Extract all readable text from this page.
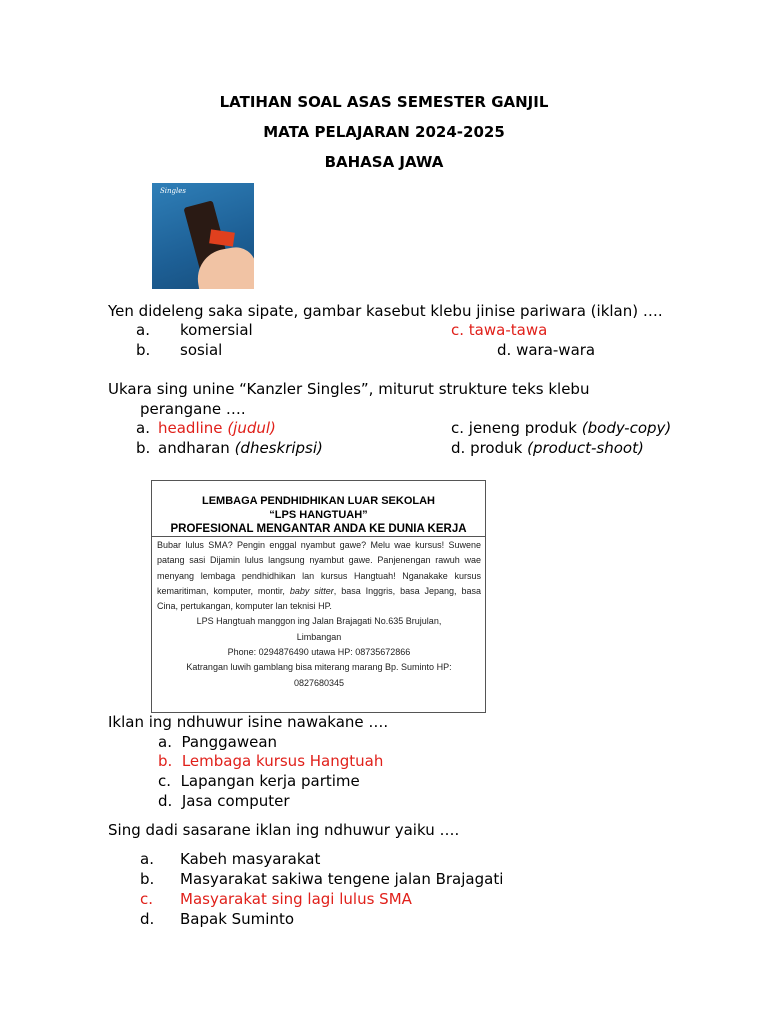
LATIHAN SOAL ASAS SEMESTER GANJIL
MATA PELAJARAN 2024-2025
BAHASA JAWA
Singles
Yen dideleng saka sipate, gambar kasebut klebu jinise pariwara (iklan) ….
a. komersial	c. tawa-tawa
b. sosial	d. wara-wara
Ukara sing unine “Kanzler Singles”, miturut strukture teks klebu
perangane ….
a. headline (judul)	c. jeneng produk (body-copy)
b. andharan (dheskripsi)	d. produk (product-shoot)
LEMBAGA PENDHIDHIKAN LUAR SEKOLAH
“LPS HANGTUAH”
PROFESIONAL MENGANTAR ANDA KE DUNIA KERJA
Bubar lulus SMA? Pengin enggal nyambut gawe? Melu wae kursus! Suwene patang sasi Dijamin lulus langsung nyambut gawe. Panjenengan rawuh wae menyang lembaga pendhidhikan lan kursus Hangtuah! Nganakake kursus kemaritiman, komputer, montir, baby sitter, basa Inggris, basa Jepang, basa Cina, pertukangan, komputer lan teknisi HP.
LPS Hangtuah manggon ing Jalan Brajagati No.635 Brujulan,
Limbangan
Phone: 0294876490 utawa HP: 08735672866
Katrangan luwih gamblang bisa miterang marang Bp. Suminto HP:
0827680345
Iklan ing ndhuwur isine nawakane ….
a. Panggawean
b. Lembaga kursus Hangtuah
c. Lapangan kerja partime
d. Jasa computer
Sing dadi sasarane iklan ing ndhuwur yaiku ….
a. Kabeh masyarakat
b. Masyarakat sakiwa tengene jalan Brajagati
c. Masyarakat sing lagi lulus SMA
d. Bapak Suminto
